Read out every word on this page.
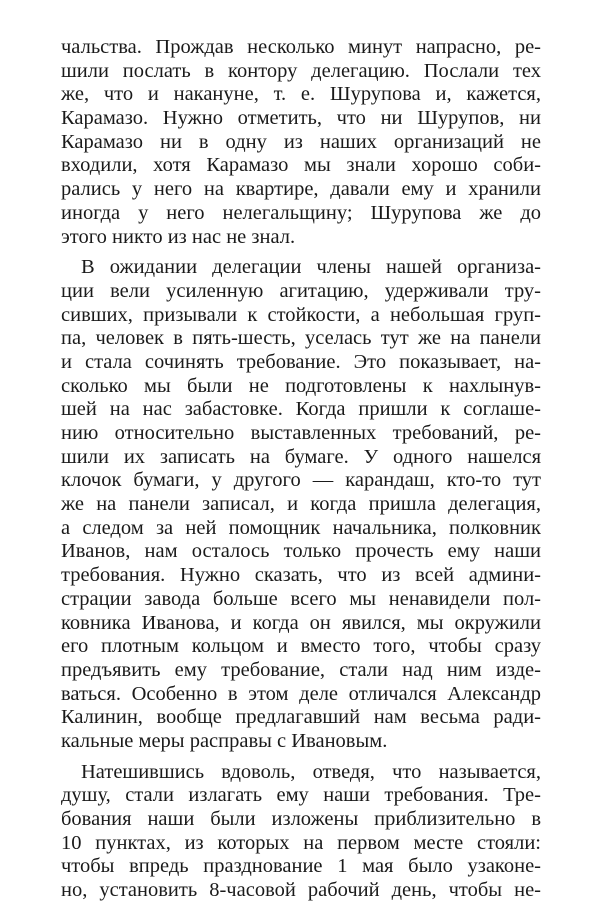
чальства. Прождав несколько минут напрасно, ре-
шили послать в контору делегацию. Послали тех
же, что и накануне, т. е. Шурупова и, кажется,
Карамазо. Нужно отметить, что ни Шурупов, ни
Карамазо ни в одну из наших организаций не
входили, хотя Карамазо мы знали хорошо соби-
рались у него на квартире, давали ему и хранили
иногда у него нелегальщину; Шурупова же до
этого никто из нас не знал.

В ожидании делегации члены нашей организа-
ции вели усиленную агитацию, удерживали тру-
сивших, призывали к стойкости, а небольшая груп-
па, человек в пять-шесть, уселась тут же на панели
и стала сочинять требование. Это показывает, на-
сколько мы были не подготовлены к нахлынув-
шей на нас забастовке. Когда пришли к соглаше-
нию относительно выставленных требований, ре-
шили их записать на бумаге. У одного нашелся
клочок бумаги, у другого — карандаш, кто-то тут
же на панели записал, и когда пришла делегация,
а следом за ней помощник начальника, полковник
Иванов, нам осталось только прочесть ему наши
требования. Нужно сказать, что из всей админи-
страции завода больше всего мы ненавидели пол-
ковника Иванова, и когда он явился, мы окружили
его плотным кольцом и вместо того, чтобы сразу
предъявить ему требование, стали над ним изде-
ваться. Особенно в этом деле отличался Александр
Калинин, вообще предлагавший нам весьма ради-
кальные меры расправы с Ивановым.

Натешившись вдоволь, отведя, что называется,
душу, стали излагать ему наши требования. Тре-
бования наши были изложены приблизительно в
10 пунктах, из которых на первом месте стояли:
чтобы впредь празднование 1 мая было узаконе-
но, установить 8-часовой рабочий день, чтобы не-
